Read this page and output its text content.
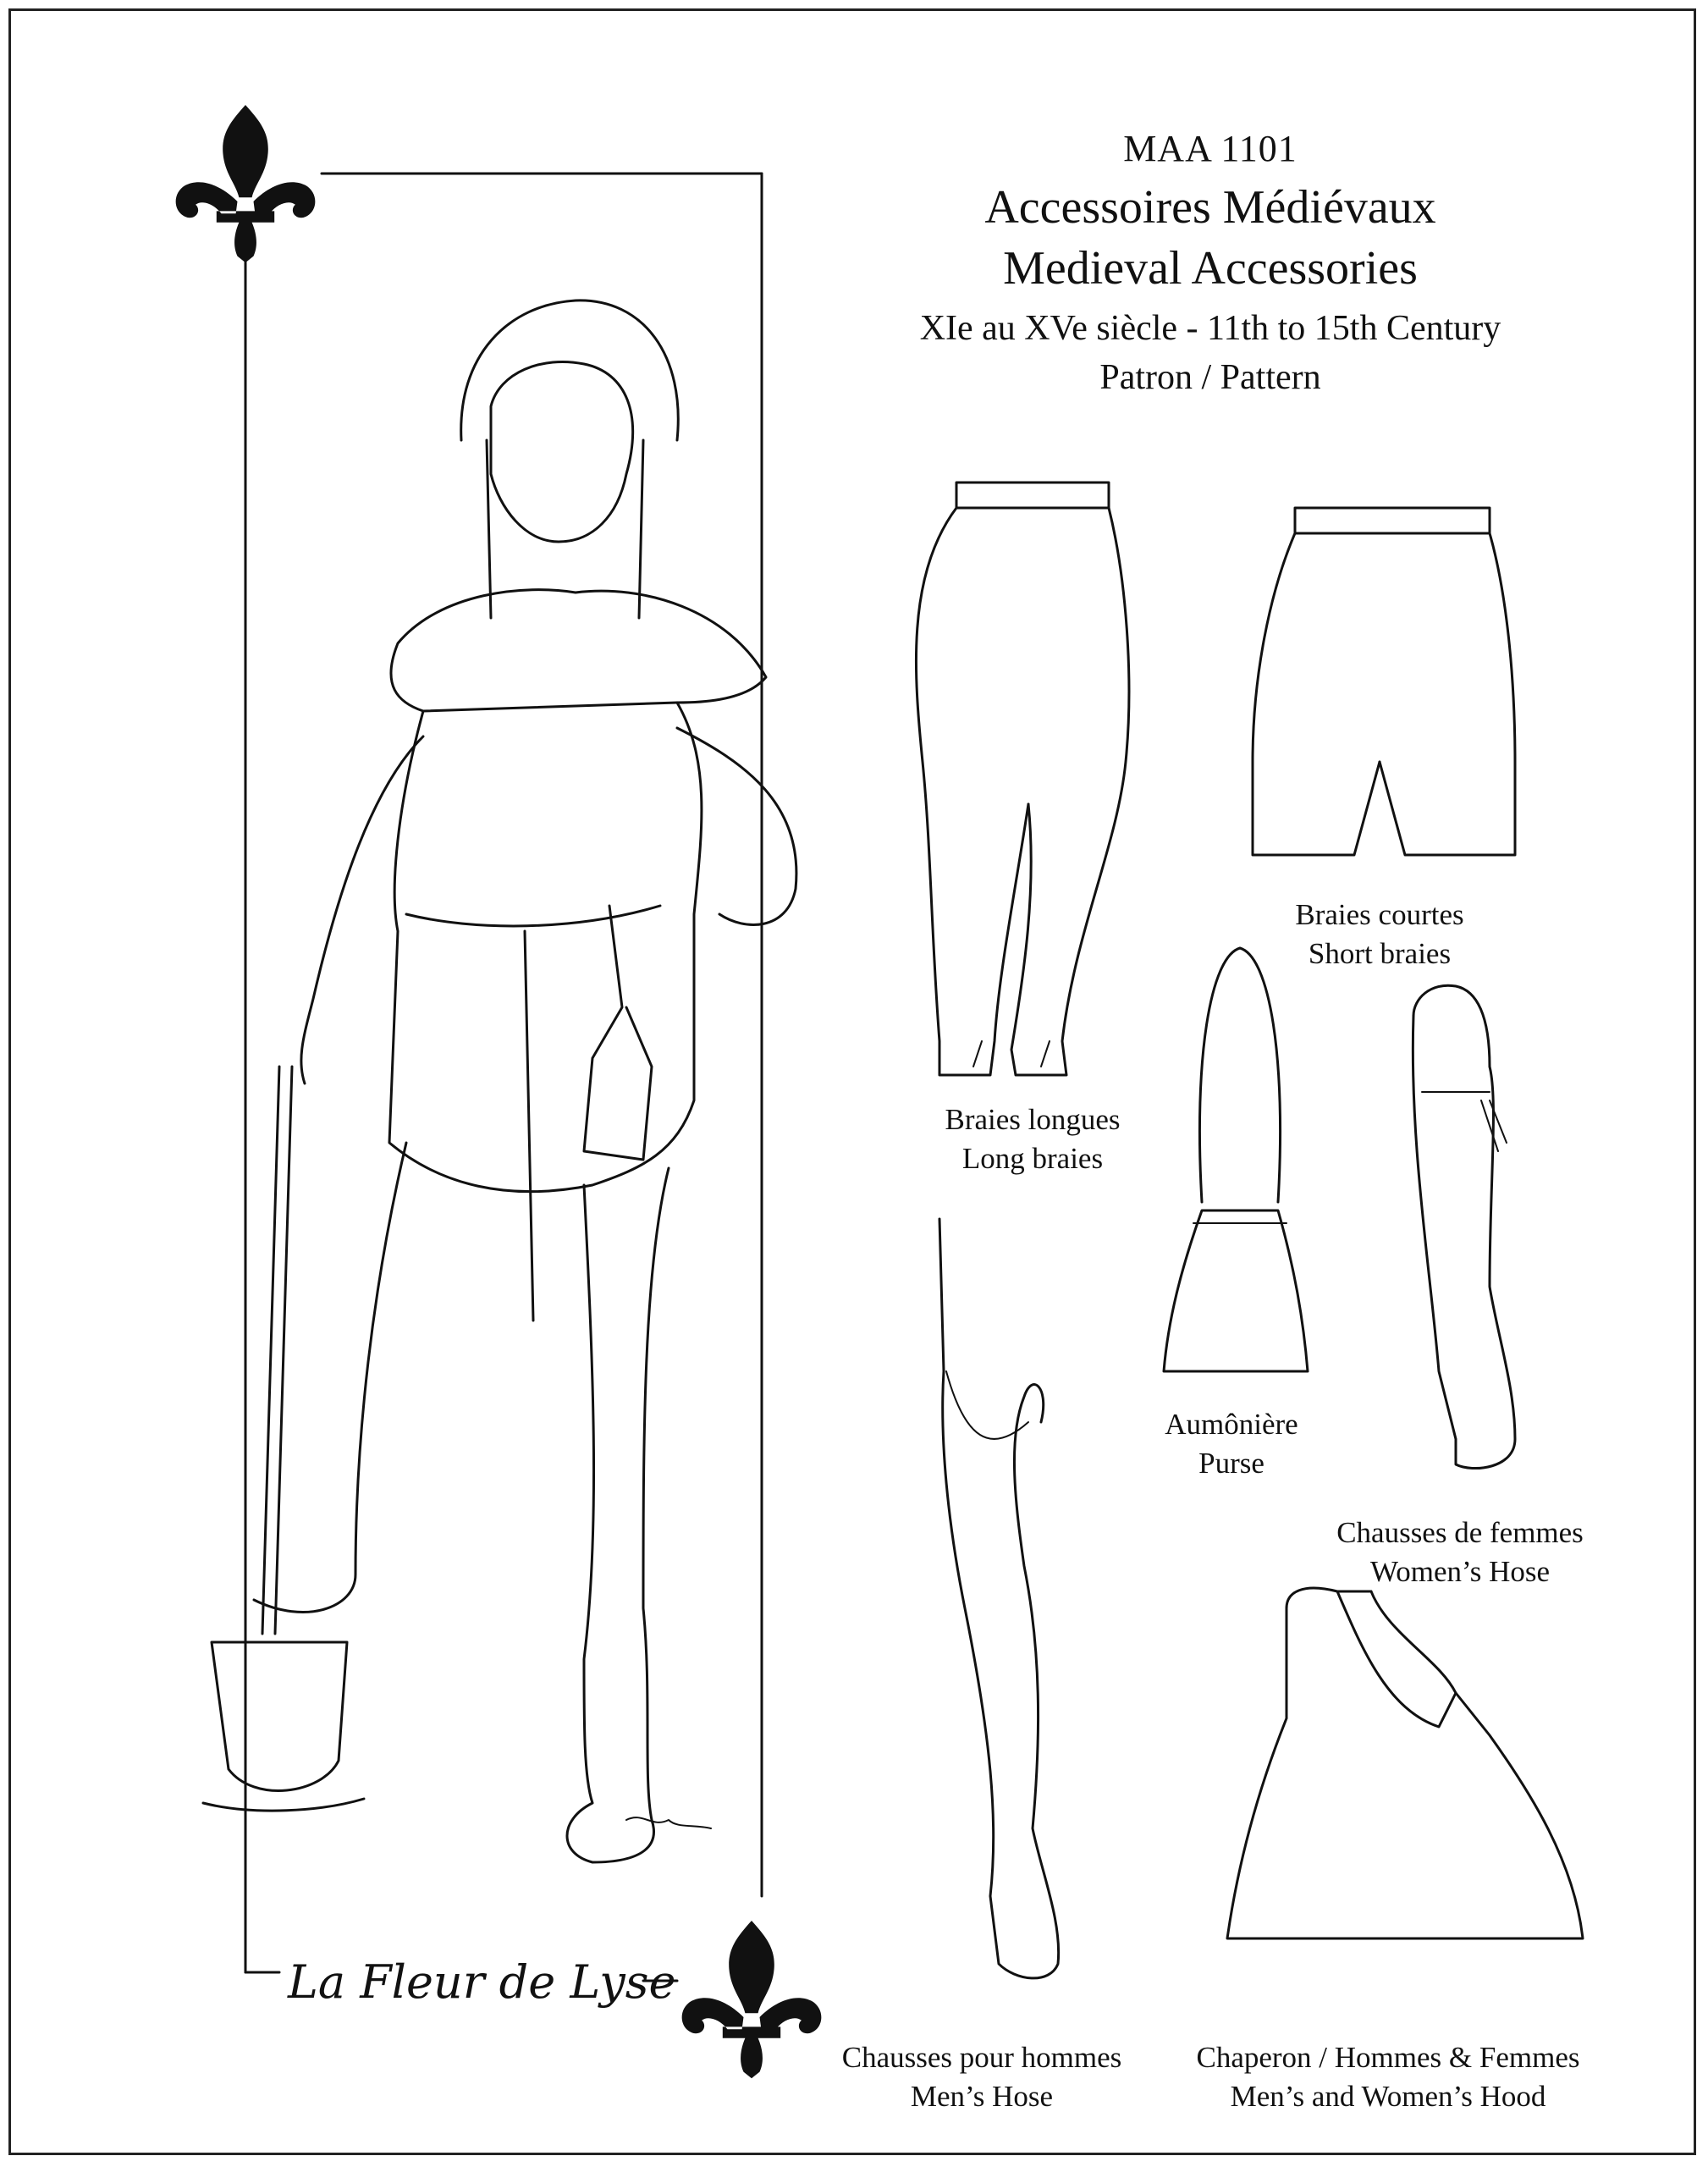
MAA 1101
Accessoires Médiévaux
Medieval Accessories
XIe au XVe siècle - 11th to 15th Century
Patron / Pattern
Braies longues
Long braies
Braies courtes
Short braies
Aumônière
Purse
Chausses de femmes
Women’s Hose
Chausses pour hommes
Men’s Hose
Chaperon / Hommes & Femmes
Men’s and Women’s Hood
La Fleur de Lyse
